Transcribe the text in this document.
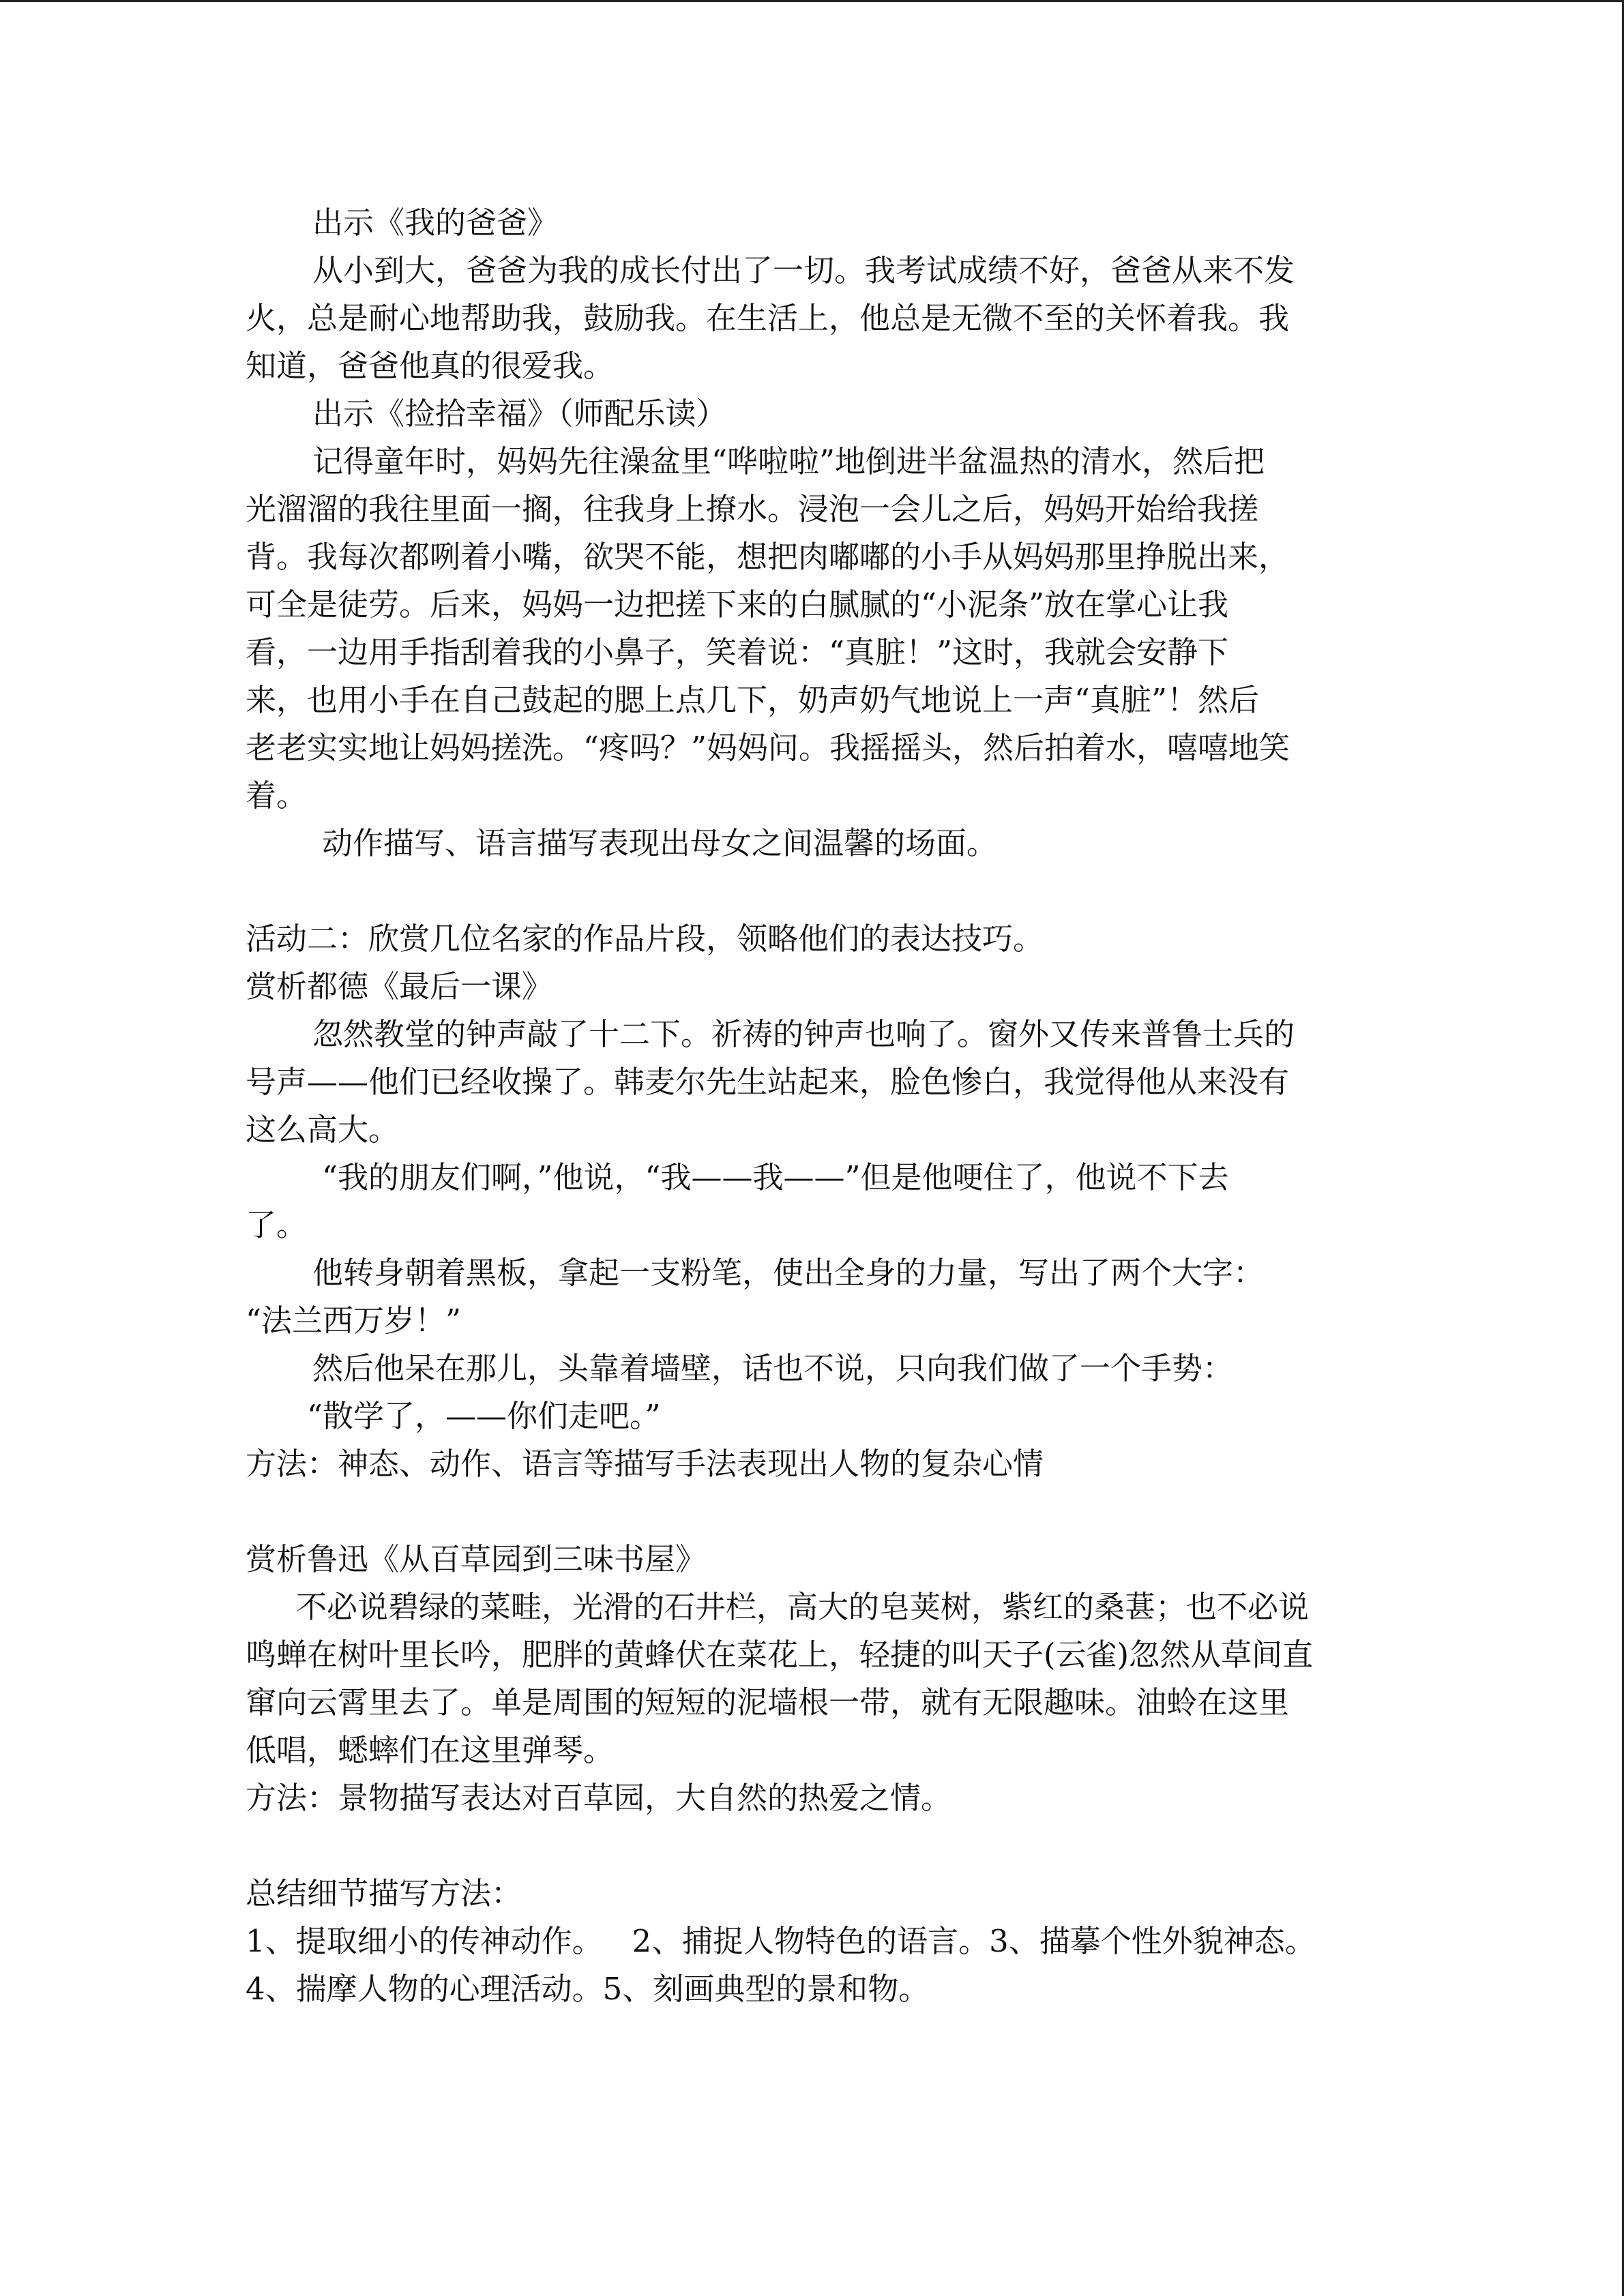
出示《我的爸爸》
从小到大，爸爸为我的成长付出了一切。我考试成绩不好，爸爸从来不发
火，总是耐心地帮助我，鼓励我。在生活上，他总是无微不至的关怀着我。我
知道，爸爸他真的很爱我。
出示《捡拾幸福》（师配乐读）
记得童年时，妈妈先往澡盆里“哗啦啦”地倒进半盆温热的清水，然后把
光溜溜的我往里面一搁，往我身上撩水。浸泡一会儿之后，妈妈开始给我搓
背。我每次都咧着小嘴，欲哭不能，想把肉嘟嘟的小手从妈妈那里挣脱出来，
可全是徒劳。后来，妈妈一边把搓下来的白腻腻的“小泥条”放在掌心让我
看，一边用手指刮着我的小鼻子，笑着说：“真脏！”这时，我就会安静下
来，也用小手在自己鼓起的腮上点几下，奶声奶气地说上一声“真脏”！然后
老老实实地让妈妈搓洗。“疼吗？”妈妈问。我摇摇头，然后拍着水，嘻嘻地笑
着。
动作描写、语言描写表现出母女之间温馨的场面。
活动二：欣赏几位名家的作品片段，领略他们的表达技巧。
赏析都德《最后一课》
忽然教堂的钟声敲了十二下。祈祷的钟声也响了。窗外又传来普鲁士兵的
号声——他们已经收操了。韩麦尔先生站起来，脸色惨白，我觉得他从来没有
这么高大。
“我的朋友们啊，”他说，“我——我——”但是他哽住了，他说不下去
了。
他转身朝着黑板，拿起一支粉笔，使出全身的力量，写出了两个大字：
“法兰西万岁！”
然后他呆在那儿，头靠着墙壁，话也不说，只向我们做了一个手势：
“散学了，——你们走吧。”
方法：神态、动作、语言等描写手法表现出人物的复杂心情
赏析鲁迅《从百草园到三味书屋》
不必说碧绿的菜畦，光滑的石井栏，高大的皂荚树，紫红的桑葚；也不必说
鸣蝉在树叶里长吟，肥胖的黄蜂伏在菜花上，轻捷的叫天子(云雀)忽然从草间直
窜向云霄里去了。单是周围的短短的泥墙根一带，就有无限趣味。油蛉在这里
低唱，蟋蟀们在这里弹琴。
方法：景物描写表达对百草园，大自然的热爱之情。
总结细节描写方法：
1、提取细小的传神动作。   2、捕捉人物特色的语言。3、描摹个性外貌神态。
4、揣摩人物的心理活动。5、刻画典型的景和物。
